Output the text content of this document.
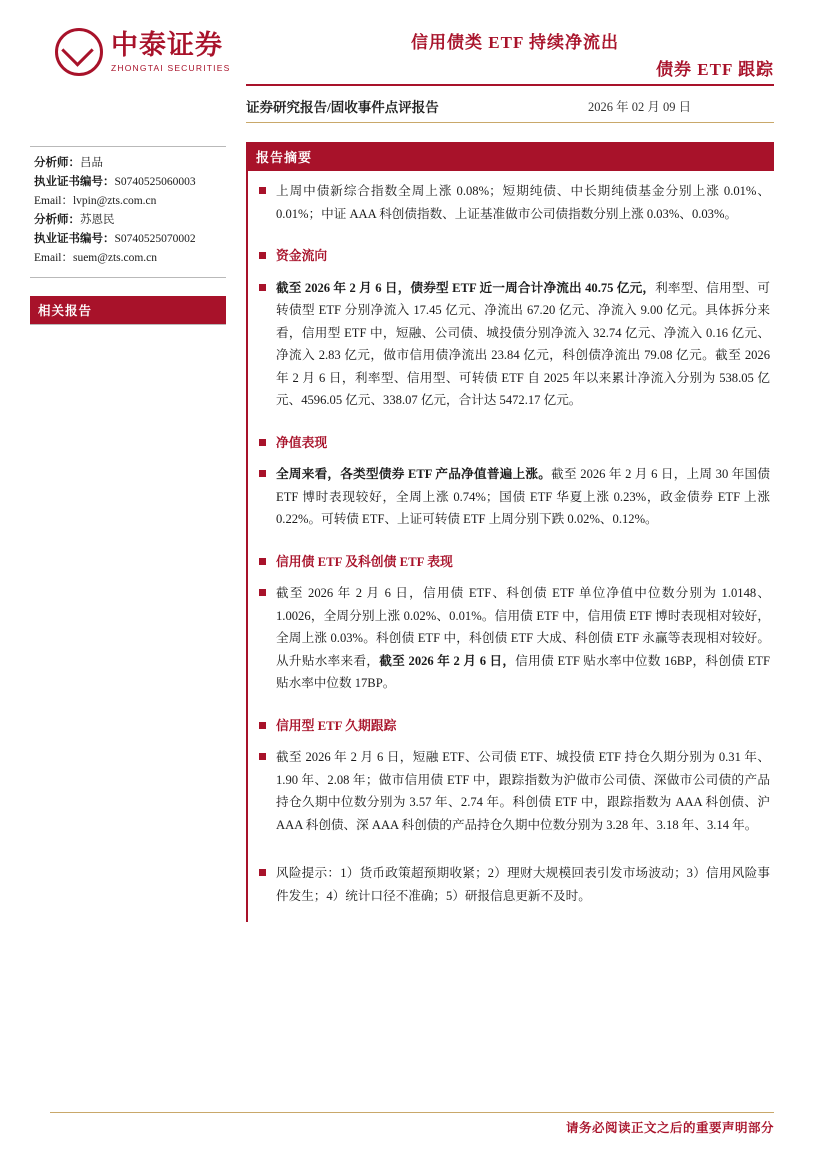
中泰证券
ZHONGTAI SECURITIES
信用债类 ETF 持续净流出
债券 ETF 跟踪
证券研究报告/固收事件点评报告	2026 年 02 月 09 日
分析师：吕品
执业证书编号：S0740525060003
Email：lvpin@zts.com.cn
分析师：苏恩民
执业证书编号：S0740525070002
Email：suem@zts.com.cn
相关报告
报告摘要
上周中债新综合指数全周上涨 0.08%；短期纯债、中长期纯债基金分别上涨 0.01%、0.01%；中证 AAA 科创债指数、上证基准做市公司债指数分别上涨 0.03%、0.03%。
资金流向
截至 2026 年 2 月 6 日，债券型 ETF 近一周合计净流出 40.75 亿元，利率型、信用型、可转债型 ETF 分别净流入 17.45 亿元、净流出 67.20 亿元、净流入 9.00 亿元。具体拆分来看，信用型 ETF 中，短融、公司债、城投债分别净流入 32.74 亿元、净流入 0.16 亿元、净流入 2.83 亿元，做市信用债净流出 23.84 亿元，科创债净流出 79.08 亿元。截至 2026 年 2 月 6 日，利率型、信用型、可转债 ETF 自 2025 年以来累计净流入分别为 538.05 亿元、4596.05 亿元、338.07 亿元，合计达 5472.17 亿元。
净值表现
全周来看，各类型债券 ETF 产品净值普遍上涨。截至 2026 年 2 月 6 日，上周 30 年国债 ETF 博时表现较好，全周上涨 0.74%；国债 ETF 华夏上涨 0.23%，政金债券 ETF 上涨 0.22%。可转债 ETF、上证可转债 ETF 上周分别下跌 0.02%、0.12%。
信用债 ETF 及科创债 ETF 表现
截至 2026 年 2 月 6 日，信用债 ETF、科创债 ETF 单位净值中位数分别为 1.0148、1.0026，全周分别上涨 0.02%、0.01%。信用债 ETF 中，信用债 ETF 博时表现相对较好，全周上涨 0.03%。科创债 ETF 中，科创债 ETF 大成、科创债 ETF 永赢等表现相对较好。从升贴水率来看，截至 2026 年 2 月 6 日，信用债 ETF 贴水率中位数 16BP，科创债 ETF 贴水率中位数 17BP。
信用型 ETF 久期跟踪
截至 2026 年 2 月 6 日，短融 ETF、公司债 ETF、城投债 ETF 持仓久期分别为 0.31 年、1.90 年、2.08 年；做市信用债 ETF 中，跟踪指数为沪做市公司债、深做市公司债的产品持仓久期中位数分别为 3.57 年、2.74 年。科创债 ETF 中，跟踪指数为 AAA 科创债、沪 AAA 科创债、深 AAA 科创债的产品持仓久期中位数分别为 3.28 年、3.18 年、3.14 年。
风险提示：1）货币政策超预期收紧；2）理财大规模回表引发市场波动；3）信用风险事件发生；4）统计口径不准确；5）研报信息更新不及时。
请务必阅读正文之后的重要声明部分
